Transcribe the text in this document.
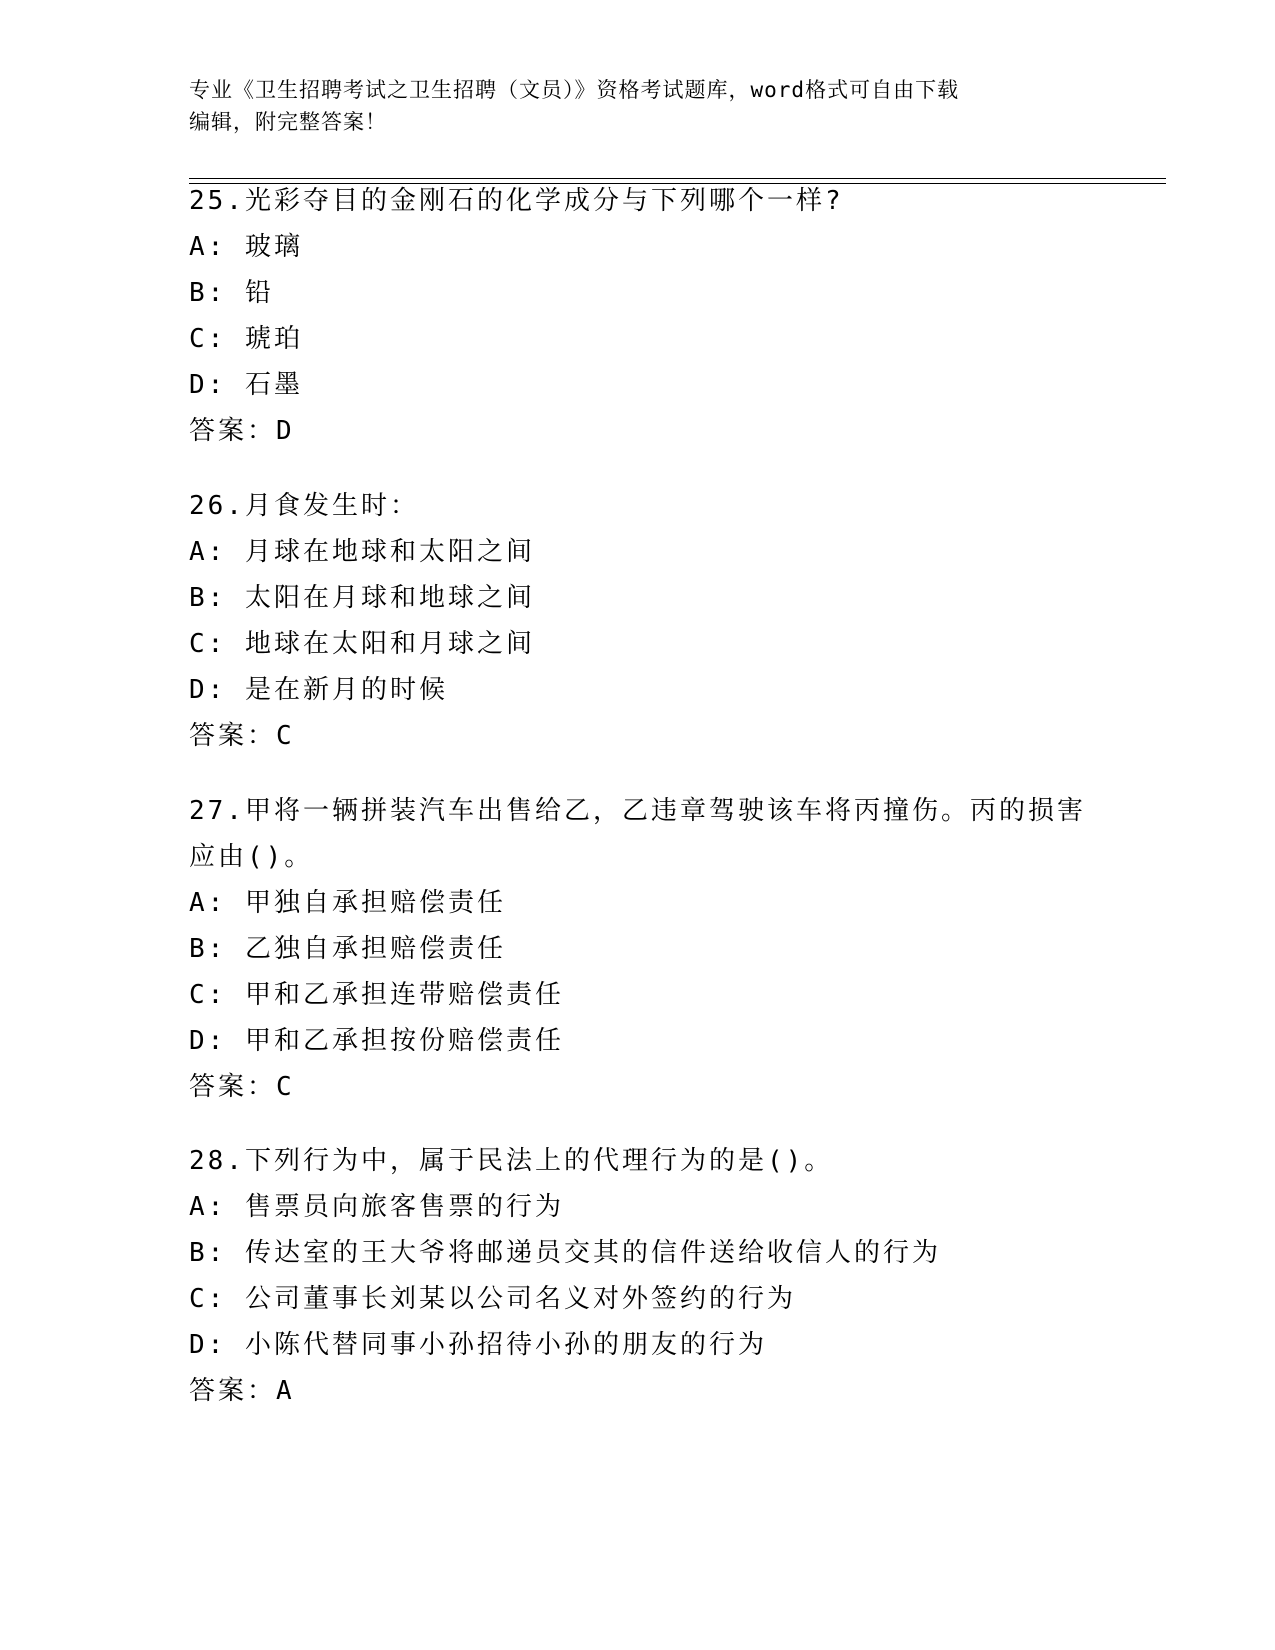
专业《卫生招聘考试之卫生招聘（文员）》资格考试题库，word格式可自由下载
编辑，附完整答案！
25.光彩夺目的金刚石的化学成分与下列哪个一样?
A: 玻璃
B: 铅
C: 琥珀
D: 石墨
答案：D
26.月食发生时：
A: 月球在地球和太阳之间
B: 太阳在月球和地球之间
C: 地球在太阳和月球之间
D: 是在新月的时候
答案：C
27.甲将一辆拼装汽车出售给乙，乙违章驾驶该车将丙撞伤。丙的损害
应由()。
A: 甲独自承担赔偿责任
B: 乙独自承担赔偿责任
C: 甲和乙承担连带赔偿责任
D: 甲和乙承担按份赔偿责任
答案：C
28.下列行为中，属于民法上的代理行为的是()。
A: 售票员向旅客售票的行为
B: 传达室的王大爷将邮递员交其的信件送给收信人的行为
C: 公司董事长刘某以公司名义对外签约的行为
D: 小陈代替同事小孙招待小孙的朋友的行为
答案：A
